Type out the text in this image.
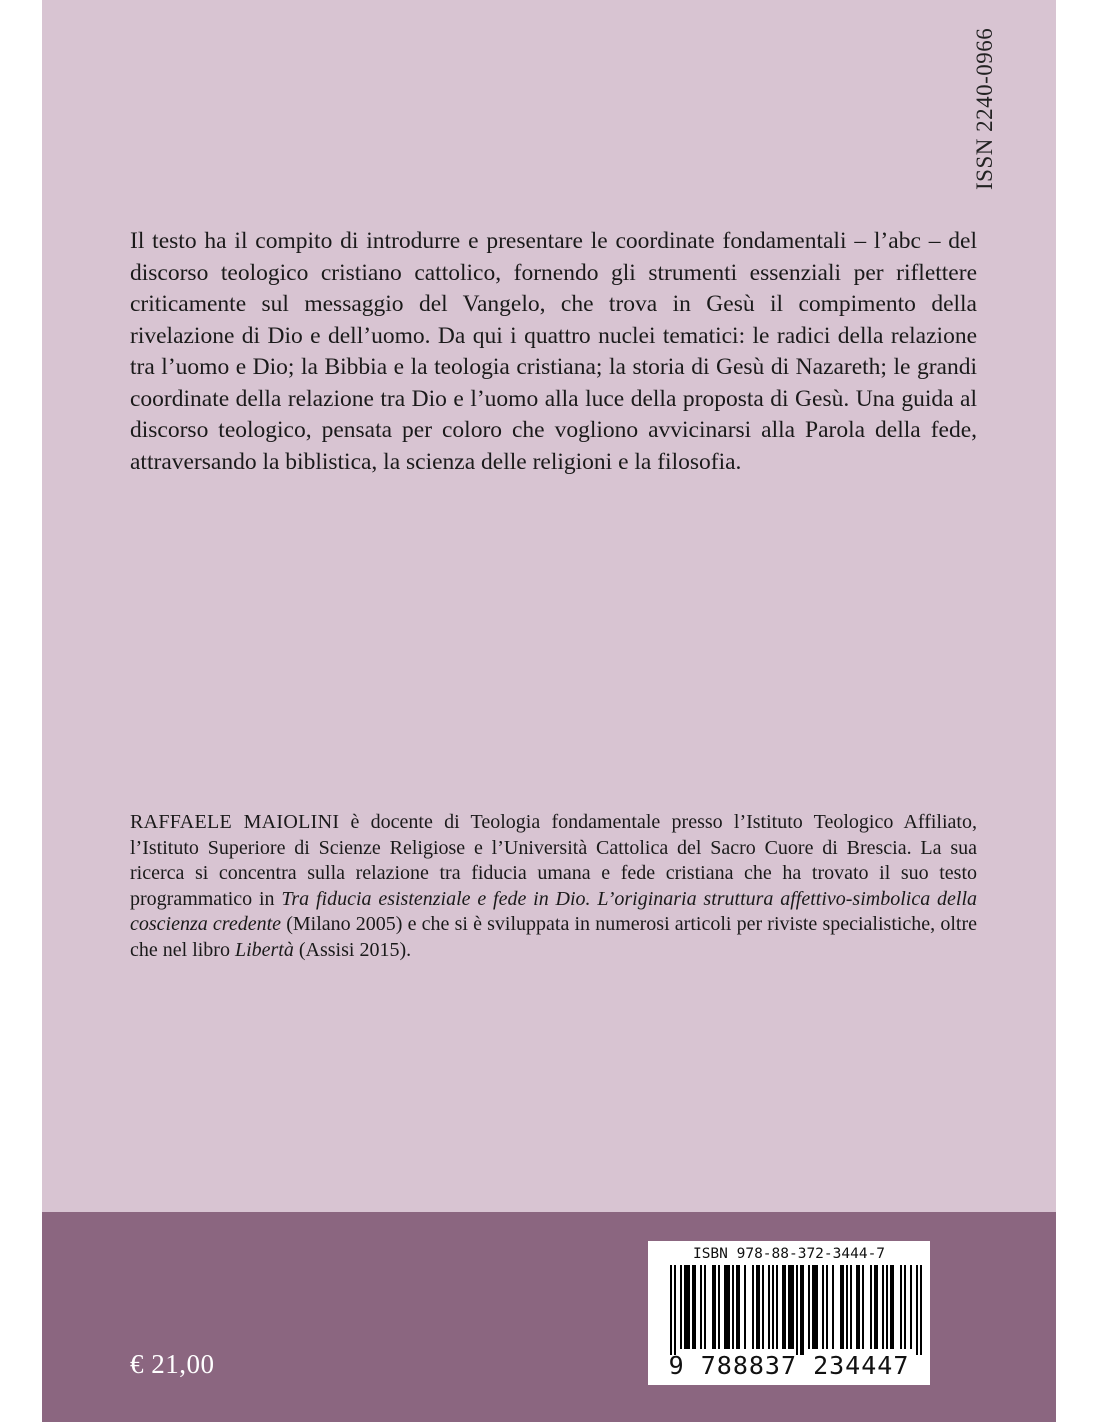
ISSN 2240-0966

Il testo ha il compito di introdurre e presentare le coordinate fondamentali – l’abc – del discorso teologico cristiano cattolico, fornendo gli strumenti essenziali per riflettere criticamente sul messaggio del Vangelo, che trova in Gesù il compimento della rivelazione di Dio e dell’uomo. Da qui i quattro nuclei tematici: le radici della relazione tra l’uomo e Dio; la Bibbia e la teologia cristiana; la storia di Gesù di Nazareth; le grandi coordinate della relazione tra Dio e l’uomo alla luce della proposta di Gesù. Una guida al discorso teologico, pensata per coloro che vogliono avvicinarsi alla Parola della fede, attraversando la biblistica, la scienza delle religioni e la filosofia.

RAFFAELE MAIOLINI è docente di Teologia fondamentale presso l’Istituto Teologico Affiliato, l’Istituto Superiore di Scienze Religiose e l’Università Cattolica del Sacro Cuore di Brescia. La sua ricerca si concentra sulla relazione tra fiducia umana e fede cristiana che ha trovato il suo testo programmatico in Tra fiducia esistenziale e fede in Dio. L’originaria struttura affettivo-simbolica della coscienza credente (Milano 2005) e che si è sviluppata in numerosi articoli per riviste specialistiche, oltre che nel libro Libertà (Assisi 2015).

€ 21,00
ISBN 978-88-372-3444-7
9 788837 234447
